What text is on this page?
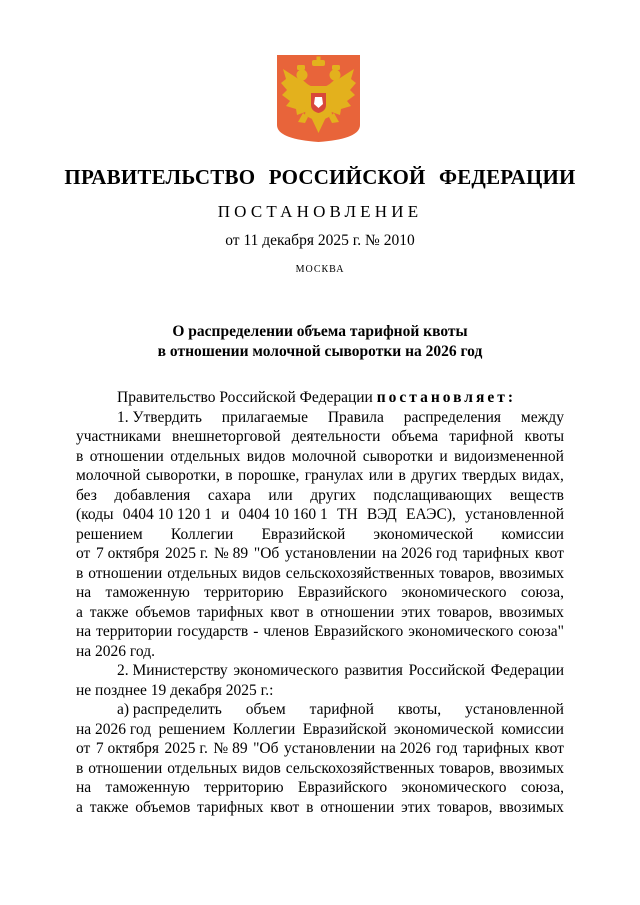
ПРАВИТЕЛЬСТВО РОССИЙСКОЙ ФЕДЕРАЦИИ
ПОСТАНОВЛЕНИЕ
от 11 декабря 2025 г. № 2010
МОСКВА
О распределении объема тарифной квоты
в отношении молочной сыворотки на 2026 год
Правительство Российской Федерации постановляет:
1. Утвердить прилагаемые Правила распределения между
участниками внешнеторговой деятельности объема тарифной квоты
в отношении отдельных видов молочной сыворотки и видоизмененной
молочной сыворотки, в порошке, гранулах или в других твердых видах,
без добавления сахара или других подслащивающих веществ
(коды 0404 10 120 1 и 0404 10 160 1 ТН ВЭД ЕАЭС), установленной
решением Коллегии Евразийской экономической комиссии
от 7 октября 2025 г. № 89 "Об установлении на 2026 год тарифных квот
в отношении отдельных видов сельскохозяйственных товаров, ввозимых
на таможенную территорию Евразийского экономического союза,
а также объемов тарифных квот в отношении этих товаров, ввозимых
на территории государств - членов Евразийского экономического союза"
на 2026 год.
2. Министерству экономического развития Российской Федерации
не позднее 19 декабря 2025 г.:
а) распределить объем тарифной квоты, установленной
на 2026 год решением Коллегии Евразийской экономической комиссии
от 7 октября 2025 г. № 89 "Об установлении на 2026 год тарифных квот
в отношении отдельных видов сельскохозяйственных товаров, ввозимых
на таможенную территорию Евразийского экономического союза,
а также объемов тарифных квот в отношении этих товаров, ввозимых
